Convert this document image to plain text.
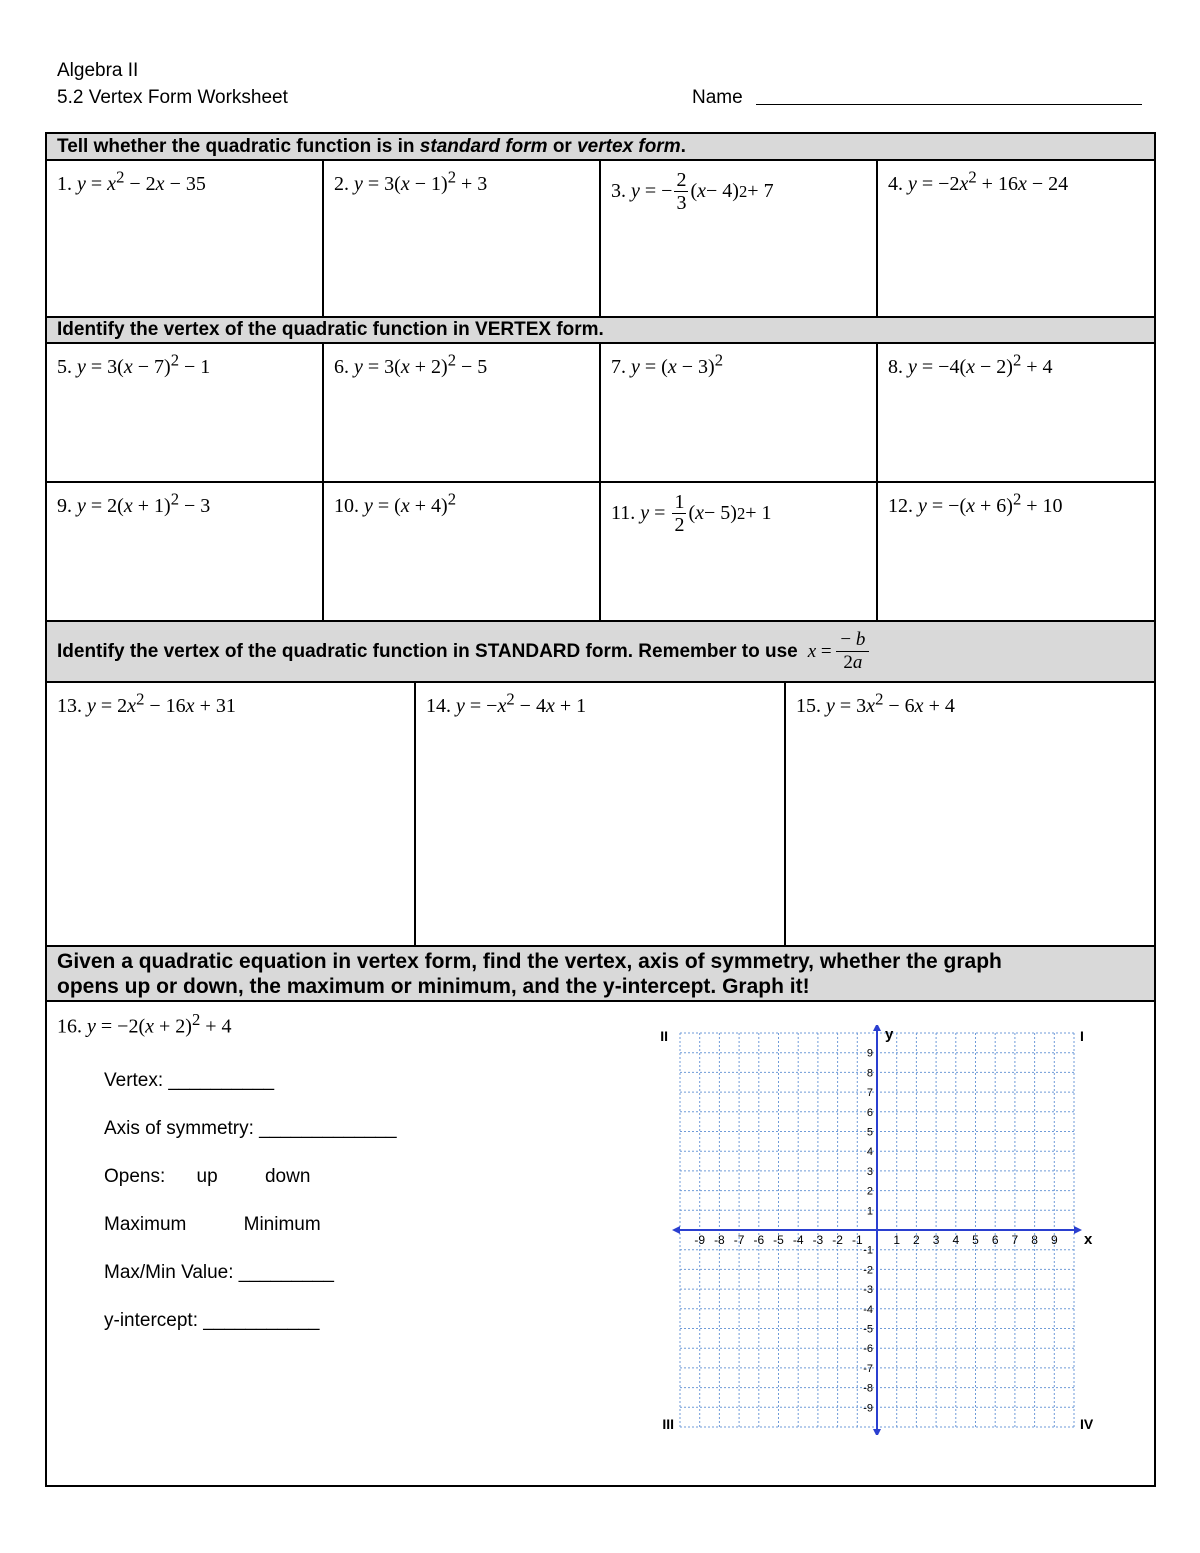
Algebra II
5.2 Vertex Form Worksheet	Name
Tell whether the quadratic function is in standard form or vertex form.
1. $y = x^2 - 2x - 35$	2. $y = 3(x - 1)^2 + 3$	3.
y = − 2
3
( x − 4) 2 + 7	4. $y = -2x^2 + 16x - 24$
Identify the vertex of the quadratic function in VERTEX form.
5. $y = 3(x - 7)^2 - 1$	6. $y = 3(x + 2)^2 - 5$	7. $y = (x - 3)^2$	8. $y = -4(x - 2)^2 + 4$
9. $y = 2(x + 1)^2 - 3$	10. $y = (x + 4)^2$
11.
y = 1
2
( x − 5) 2 + 1	12. $y = -(x + 6)^2 + 10$
Identify the vertex of the quadratic function in STANDARD form. Remember to use x =
− b
2a
13. $y = 2x^2 - 16x + 31$	14. $y = -x^2 - 4x + 1$	15. $y = 3x^2 - 6x + 4$
Given a quadratic equation in vertex form, find the vertex, axis of symmetry, whether the graph
opens up or down, the maximum or minimum, and the y-intercept. Graph it!
16. $y = -2(x + 2)^2 + 4$
Vertex: __________
Axis of symmetry: _____________
Opens: up down
Maximum	Minimum
Max/Min Value: _________
y-intercept: ___________
-9 -8 -7 -6 -5 -4 -3 -2 -1	1 2 3 4 5 6 7 8 9
9
8
7
6
5
4
3
2
1
-1
-2
-3
-4
-5
-6
-7
-8
-9
x
y	I
II
III	IV
